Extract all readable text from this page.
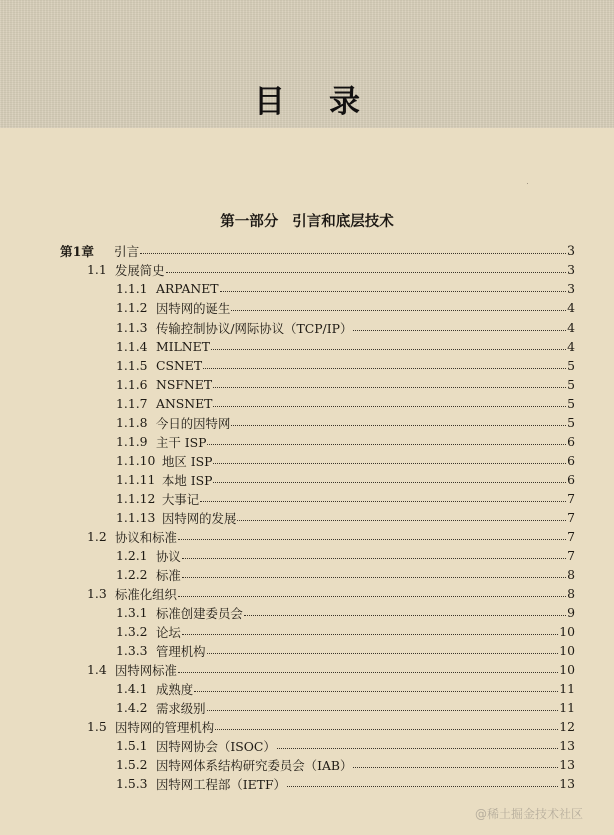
目录
第一部分 引言和底层技术
第1章	引言	3
1.1 发展简史	3
1.1.1 ARPANET	3
1.1.2 因特网的诞生	4
1.1.3 传输控制协议/网际协议（TCP/IP）	4
1.1.4 MILNET	4
1.1.5 CSNET	5
1.1.6 NSFNET	5
1.1.7 ANSNET	5
1.1.8 今日的因特网	5
1.1.9 主干 ISP	6
1.1.10 地区 ISP	6
1.1.11 本地 ISP	6
1.1.12 大事记	7
1.1.13 因特网的发展	7
1.2 协议和标准	7
1.2.1 协议	7
1.2.2 标准	8
1.3 标准化组织	8
1.3.1 标准创建委员会	9
1.3.2 论坛	10
1.3.3 管理机构	10
1.4 因特网标准	10
1.4.1 成熟度	11
1.4.2 需求级别	11
1.5 因特网的管理机构	12
1.5.1 因特网协会（ISOC）	13
1.5.2 因特网体系结构研究委员会（IAB）	13
1.5.3 因特网工程部（IETF）	13
@稀土掘金技术社区
